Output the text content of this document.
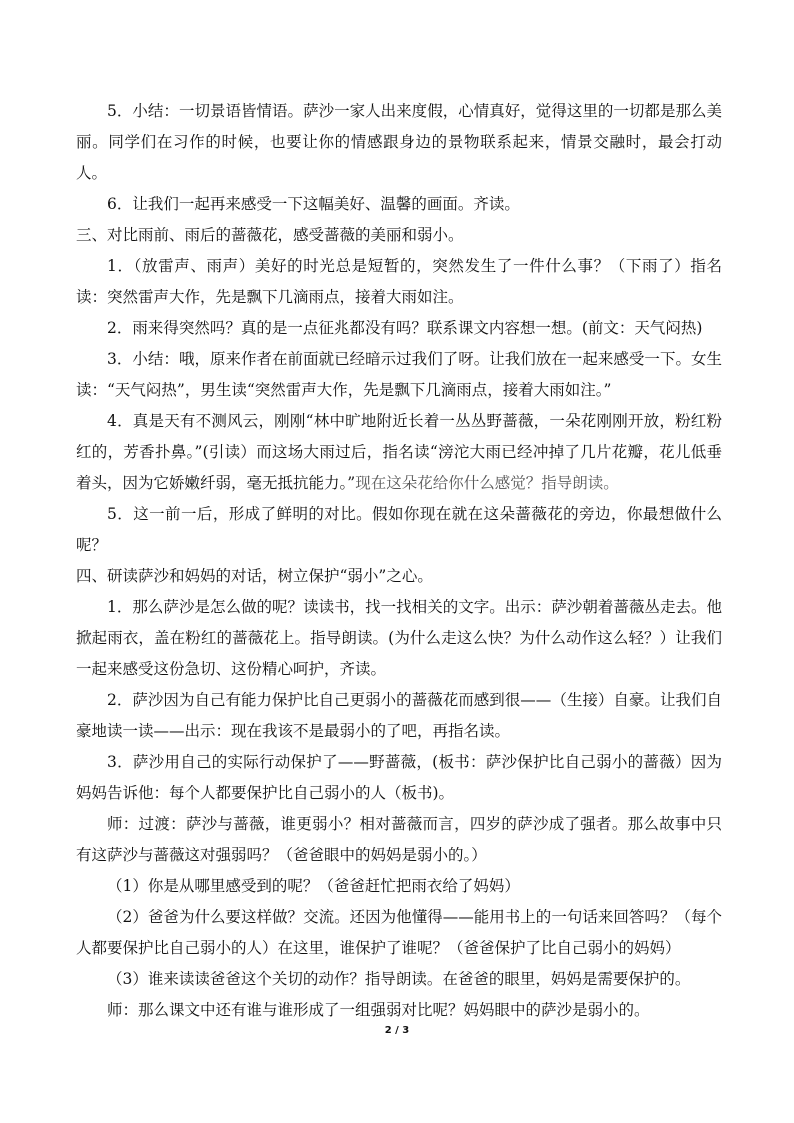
5．小结：一切景语皆情语。萨沙一家人出来度假，心情真好，觉得这里的一切都是那么美丽。同学们在习作的时候，也要让你的情感跟身边的景物联系起来，情景交融时，最会打动人。

6．让我们一起再来感受一下这幅美好、温馨的画面。齐读。

三、对比雨前、雨后的蔷薇花，感受蔷薇的美丽和弱小。

1．（放雷声、雨声）美好的时光总是短暂的，突然发生了一件什么事？（下雨了）指名读：突然雷声大作，先是飘下几滴雨点，接着大雨如注。

2．雨来得突然吗？真的是一点征兆都没有吗？联系课文内容想一想。(前文：天气闷热)

3．小结：哦，原来作者在前面就已经暗示过我们了呀。让我们放在一起来感受一下。女生读：“天气闷热”，男生读“突然雷声大作，先是飘下几滴雨点，接着大雨如注。”

4．真是天有不测风云，刚刚“林中旷地附近长着一丛丛野蔷薇，一朵花刚刚开放，粉红粉红的，芳香扑鼻。”(引读）而这场大雨过后，指名读“滂沱大雨已经冲掉了几片花瓣，花儿低垂着头，因为它娇嫩纤弱，毫无抵抗能力。”现在这朵花给你什么感觉？指导朗读。

5．这一前一后，形成了鲜明的对比。假如你现在就在这朵蔷薇花的旁边，你最想做什么呢？

四、研读萨沙和妈妈的对话，树立保护“弱小”之心。

1．那么萨沙是怎么做的呢？读读书，找一找相关的文字。出示：萨沙朝着蔷薇丛走去。他掀起雨衣，盖在粉红的蔷薇花上。指导朗读。(为什么走这么快？为什么动作这么轻？）让我们一起来感受这份急切、这份精心呵护，齐读。

2．萨沙因为自己有能力保护比自己更弱小的蔷薇花而感到很——（生接）自豪。让我们自豪地读一读——出示：现在我该不是最弱小的了吧，再指名读。

3．萨沙用自己的实际行动保护了——野蔷薇，(板书：萨沙保护比自己弱小的蔷薇）因为妈妈告诉他：每个人都要保护比自己弱小的人（板书)。

师：过渡：萨沙与蔷薇，谁更弱小？相对蔷薇而言，四岁的萨沙成了强者。那么故事中只有这萨沙与蔷薇这对强弱吗？（爸爸眼中的妈妈是弱小的。）

（1）你是从哪里感受到的呢？（爸爸赶忙把雨衣给了妈妈）

（2）爸爸为什么要这样做？交流。还因为他懂得——能用书上的一句话来回答吗？（每个人都要保护比自己弱小的人）在这里，谁保护了谁呢？（爸爸保护了比自己弱小的妈妈）

（3）谁来读读爸爸这个关切的动作？指导朗读。在爸爸的眼里，妈妈是需要保护的。

师：那么课文中还有谁与谁形成了一组强弱对比呢？妈妈眼中的萨沙是弱小的。

2 / 3
